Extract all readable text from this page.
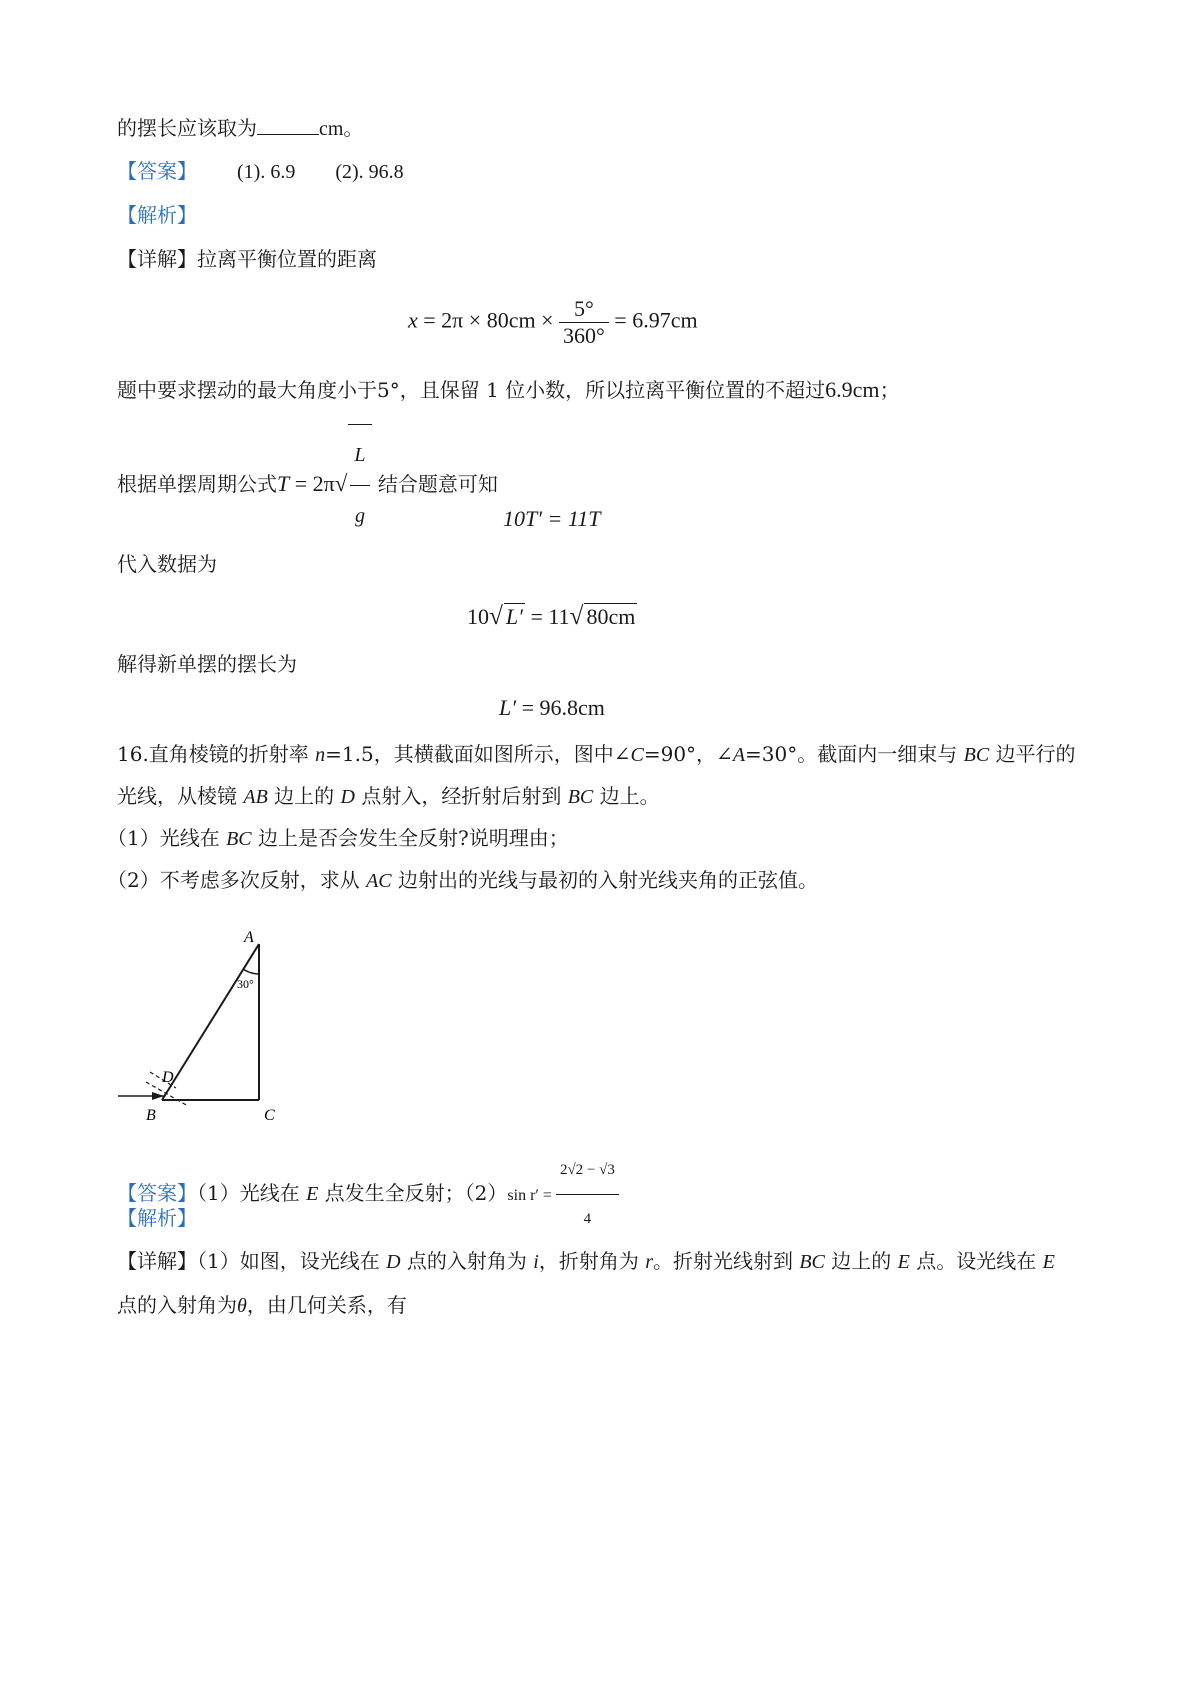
的摆长应该取为	cm。
【答案】 (1). 6.9 (2). 96.8
【解析】
【详解】拉离平衡位置的距离
$x = 2\pi \times 80cm \times \frac{5^\circ}{360^\circ} = 6.97cm$
题中要求摆动的最大角度小于5°，且保留 1 位小数，所以拉离平衡位置的不超过6.9cm；
根据单摆周期公式$T = 2\pi√ \frac{L}{g}$ 结合题意可知
10T′ = 11T
代入数据为
10√ L′ = 11√ 80cm
解得新单摆的摆长为
L′ = 96.8cm
16.直角棱镜的折射率 n=1.5，其横截面如图所示，图中∠C=90°，∠A=30°。截面内一细束与 BC 边平行的
光线，从棱镜 AB 边上的 D 点射入，经折射后射到 BC 边上。
（1）光线在 BC 边上是否会发生全反射?说明理由；
（2）不考虑多次反射，求从 AC 边射出的光线与最初的入射光线夹角的正弦值。
A
B	C
D
30°
【答案】（1）光线在 E 点发生全反射；（2）sin $r' = \frac{2√2 - √3}{4}$
【解析】
【详解】（1）如图，设光线在 D 点的入射角为 i，折射角为 r。折射光线射到 BC 边上的 E 点。设光线在 E
点的入射角为θ，由几何关系，有
